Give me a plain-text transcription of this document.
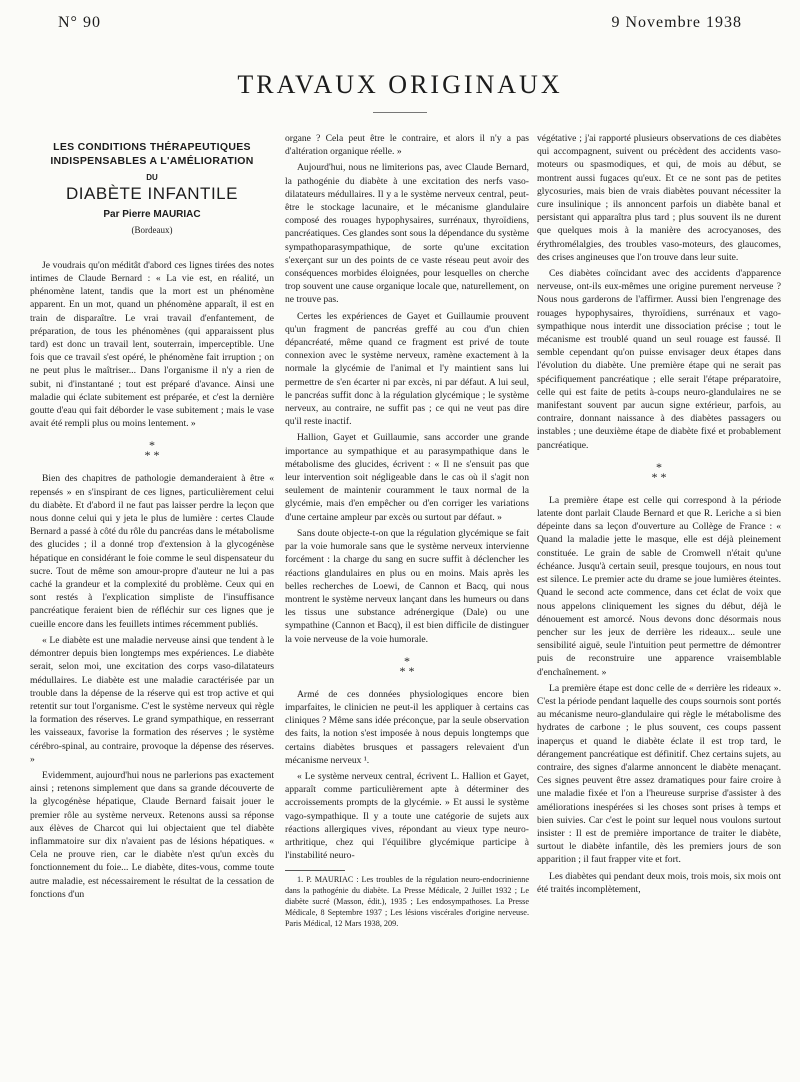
N° 90	9 Novembre 1938
TRAVAUX ORIGINAUX
LES CONDITIONS THÉRAPEUTIQUES
INDISPENSABLES A L'AMÉLIORATION
DU
DIABÈTE INFANTILE
Par Pierre MAURIAC
(Bordeaux)

Je voudrais qu'on méditât d'abord ces lignes tirées des notes intimes de Claude Bernard : « La vie est, en réalité, un phénomène latent, tandis que la mort est un phénomène apparent. En un mot, quand un phénomène apparaît, il est en train de disparaître. Le vrai travail d'enfantement, de préparation, de tous les phénomènes (qui apparaissent plus tard) est donc un travail lent, souterrain, imperceptible. Une fois que ce travail s'est opéré, le phénomène fait irruption ; on ne peut plus le maîtriser... Dans l'organisme il n'y a rien de subit, ni d'instantané ; tout est préparé d'avance. Ainsi une maladie qui éclate subitement est préparée, et c'est la dernière goutte d'eau qui fait déborder le vase subitement ; mais le vase avait été rempli plus ou moins lentement. »

*
* *

Bien des chapitres de pathologie demanderaient à être « repensés » en s'inspirant de ces lignes, particulièrement celui du diabète. Et d'abord il ne faut pas laisser perdre la leçon que nous donne celui qui y jeta le plus de lumière : certes Claude Bernard a passé à côté du rôle du pancréas dans le métabolisme des glucides ; il a donné trop d'extension à la glycogénèse hépatique en considérant le foie comme le seul dispensateur du sucre. Tout de même son amour-propre d'auteur ne lui a pas caché la grandeur et la complexité du problème. Ceux qui en sont restés à l'explication simpliste de l'insuffisance pancréatique feraient bien de réfléchir sur ces lignes que je cueille encore dans les feuillets intimes récemment publiés.

« Le diabète est une maladie nerveuse ainsi que tendent à le démontrer depuis bien longtemps mes expériences. Le diabète serait, selon moi, une excitation des corps vaso-dilatateurs médullaires. Le diabète est une maladie caractérisée par un trouble dans la dépense de la réserve qui est trop active et qui retentit sur tout l'organisme. C'est le système nerveux qui règle la formation des réserves. Le grand sympathique, en resserrant les vaisseaux, favorise la formation des réserves ; le système cérébro-spinal, au contraire, provoque la dépense des réserves. »

Evidemment, aujourd'hui nous ne parlerions pas exactement ainsi ; retenons simplement que dans sa grande découverte de la glycogénèse hépatique, Claude Bernard faisait jouer le premier rôle au système nerveux. Retenons aussi sa réponse aux élèves de Charcot qui lui objectaient que tel diabète inflammatoire sur dix n'avaient pas de lésions hépatiques. « Cela ne prouve rien, car le diabète n'est qu'un excès du fonctionnement du foie... Le diabète, dites-vous, comme toute autre maladie, est nécessairement le résultat de la cessation de fonctions d'un

organe ? Cela peut être le contraire, et alors il n'y a pas d'altération organique réelle. »

Aujourd'hui, nous ne limiterions pas, avec Claude Bernard, la pathogénie du diabète à une excitation des nerfs vaso-dilatateurs médullaires. Il y a le système nerveux central, peut-être le stockage lacunaire, et le mécanisme glandulaire composé des rouages hypophysaires, surrénaux, thyroïdiens, pancréatiques. Ces glandes sont sous la dépendance du système sympathoparasympathique, de sorte qu'une excitation s'exerçant sur un des points de ce vaste réseau peut avoir des conséquences morbides éloignées, pour lesquelles on cherche trop souvent une cause organique locale que, naturellement, on ne trouve pas.

Certes les expériences de Gayet et Guillaumie prouvent qu'un fragment de pancréas greffé au cou d'un chien dépancréaté, même quand ce fragment est privé de toute connexion avec le système nerveux, ramène exactement à la normale la glycémie de l'animal et l'y maintient sans lui permettre de s'en écarter ni par excès, ni par défaut. A lui seul, le pancréas suffit donc à la régulation glycémique ; le système nerveux, au contraire, ne suffit pas ; ce qui ne veut pas dire qu'il reste inactif.

Hallion, Gayet et Guillaumie, sans accorder une grande importance au sympathique et au parasympathique dans le métabolisme des glucides, écrivent : « Il ne s'ensuit pas que leur intervention soit négligeable dans le cas où il s'agit non seulement de maintenir couramment le taux normal de la glycémie, mais d'en empêcher ou d'en corriger les variations d'une certaine ampleur par excès ou surtout par défaut. »

Sans doute objecte-t-on que la régulation glycémique se fait par la voie humorale sans que le système nerveux intervienne forcément : la charge du sang en sucre suffit à déclencher les réactions glandulaires en plus ou en moins. Mais après les belles recherches de Loewi, de Cannon et Bacq, qui nous montrent le système nerveux lançant dans les humeurs ou dans les tissus une substance adrénergique (Dale) ou une sympathine (Cannon et Bacq), il est bien difficile de distinguer la voie nerveuse de la voie humorale.

*
* *

Armé de ces données physiologiques encore bien imparfaites, le clinicien ne peut-il les appliquer à certains cas cliniques ? Même sans idée préconçue, par la seule observation des faits, la notion s'est imposée à nous depuis longtemps que certains diabètes brusques et passagers relevaient d'un mécanisme nerveux ¹.

« Le système nerveux central, écrivent L. Hallion et Gayet, apparaît comme particulièrement apte à déterminer des accroissements prompts de la glycémie. » Et aussi le système vago-sympathique. Il y a toute une catégorie de sujets aux réactions allergiques vives, répondant au vieux type neuro-arthritique, chez qui l'équilibre glycémique participe à l'instabilité neuro-

1. P. MAURIAC : Les troubles de la régulation neuro-endocrinienne dans la pathogénie du diabète. La Presse Médicale, 2 Juillet 1932 ; Le diabète sucré (Masson, édit.), 1935 ; Les endosympathoses. La Presse Médicale, 8 Septembre 1937 ; Les lésions viscérales d'origine nerveuse. Paris Médical, 12 Mars 1938, 209.

végétative ; j'ai rapporté plusieurs observations de ces diabètes qui accompagnent, suivent ou précèdent des accidents vaso-moteurs ou spasmodiques, et qui, de mois au début, se montrent aussi fugaces qu'eux. Et ce ne sont pas de petites glycosuries, mais bien de vrais diabètes pouvant nécessiter la cure insulinique ; ils annoncent parfois un diabète banal et persistant qui apparaîtra plus tard ; plus souvent ils ne durent que quelques mois à la manière des acrocyanoses, des érythromélalgies, des troubles vaso-moteurs, des glaucomes, des crises angineuses que l'on trouve dans leur suite.

Ces diabètes coïncidant avec des accidents d'apparence nerveuse, ont-ils eux-mêmes une origine purement nerveuse ? Nous nous garderons de l'affirmer. Aussi bien l'engrenage des rouages hypophysaires, thyroïdiens, surrénaux et vago-sympathique nous interdit une dissociation précise ; tout le mécanisme est troublé quand un seul rouage est faussé. Il semble cependant qu'on puisse envisager deux étapes dans l'évolution du diabète. Une première étape qui ne serait pas spécifiquement pancréatique ; elle serait l'étape préparatoire, celle qui est faite de petits à-coups neuro-glandulaires ne se manifestant souvent par aucun signe extérieur, parfois, au contraire, donnant naissance à des diabètes passagers ou instables ; une deuxième étape de diabète fixé et probablement pancréatique.

*
* *

La première étape est celle qui correspond à la période latente dont parlait Claude Bernard et que R. Leriche a si bien dépeinte dans sa leçon d'ouverture au Collège de France : « Quand la maladie jette le masque, elle est déjà pleinement constituée. Le grain de sable de Cromwell n'était qu'une échéance. Jusqu'à certain seuil, presque toujours, en nous tout est silence. Le premier acte du drame se joue lumières éteintes. Quand le second acte commence, dans cet éclat de voix que nous appelons cliniquement les signes du début, déjà le dénouement est amorcé. Nous devons donc désormais nous pencher sur les jeux de derrière les rideaux... seule une sensibilité aiguë, seule l'intuition peut permettre de démontrer puis de reconstruire une apparence vraisemblable d'enchaînement. »

La première étape est donc celle de « derrière les rideaux ». C'est la période pendant laquelle des coups sournois sont portés au mécanisme neuro-glandulaire qui règle le métabolisme des hydrates de carbone ; le plus souvent, ces coups passent inaperçus et quand le diabète éclate il est trop tard, le dérangement pancréatique est définitif. Chez certains sujets, au contraire, des signes d'alarme annoncent le diabète menaçant. Ces signes peuvent être assez dramatiques pour faire croire à une maladie fixée et l'on a l'heureuse surprise d'assister à des améliorations inespérées si les choses sont prises à temps et bien suivies. Car c'est le point sur lequel nous voulons surtout insister : Il est de première importance de traiter le diabète, surtout le diabète infantile, dès les premiers jours de son apparition ; il faut frapper vite et fort.

Les diabètes qui pendant deux mois, trois mois, six mois ont été traités incomplètement,
